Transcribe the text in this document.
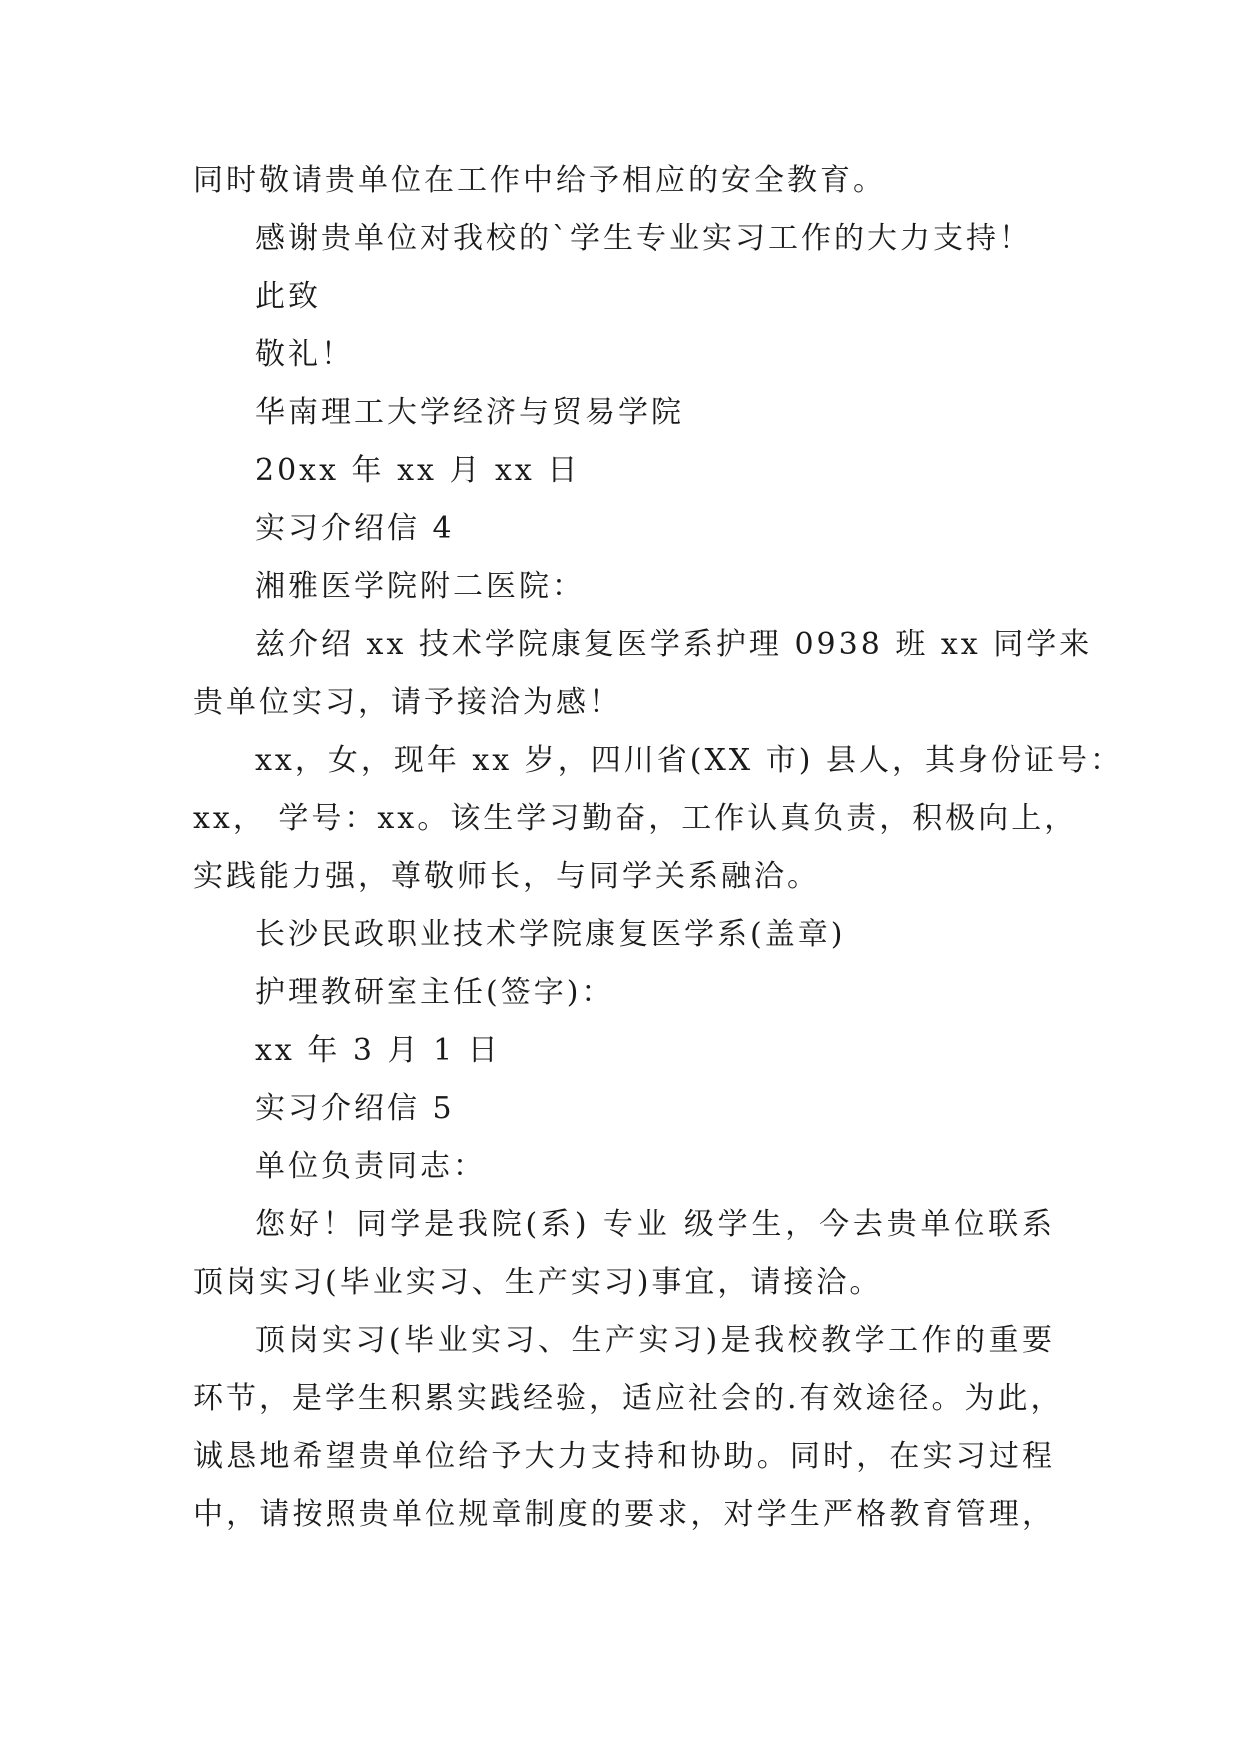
同时敬请贵单位在工作中给予相应的安全教育。
感谢贵单位对我校的`学生专业实习工作的大力支持！
此致
敬礼！
华南理工大学经济与贸易学院
20xx 年 xx 月 xx 日
实习介绍信 4
湘雅医学院附二医院：
兹介绍 xx 技术学院康复医学系护理 0938 班 xx 同学来
贵单位实习，请予接洽为感！
xx，女，现年 xx 岁，四川省(XX 市) 县人，其身份证号：
xx， 学号：xx。该生学习勤奋，工作认真负责，积极向上，
实践能力强，尊敬师长，与同学关系融洽。
长沙民政职业技术学院康复医学系(盖章)
护理教研室主任(签字)：
xx 年 3 月 1 日
实习介绍信 5
单位负责同志：
您好！同学是我院(系) 专业 级学生，今去贵单位联系
顶岗实习(毕业实习、生产实习)事宜，请接洽。
顶岗实习(毕业实习、生产实习)是我校教学工作的重要
环节，是学生积累实践经验，适应社会的.有效途径。为此，
诚恳地希望贵单位给予大力支持和协助。同时，在实习过程
中，请按照贵单位规章制度的要求，对学生严格教育管理，
